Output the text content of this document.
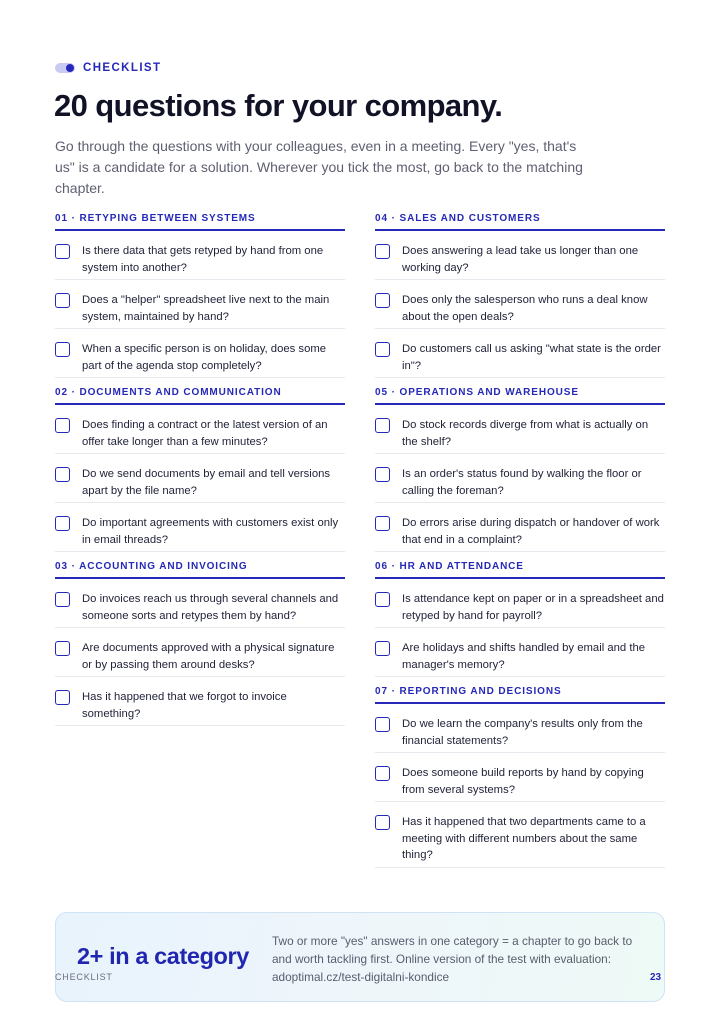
CHECKLIST
20 questions for your company.

Go through the questions with your colleagues, even in a meeting. Every "yes, that's us" is a candidate for a solution. Wherever you tick the most, go back to the matching chapter.

01 · RETYPING BETWEEN SYSTEMS
Is there data that gets retyped by hand from one system into another?
Does a "helper" spreadsheet live next to the main system, maintained by hand?
When a specific person is on holiday, does some part of the agenda stop completely?
02 · DOCUMENTS AND COMMUNICATION
Does finding a contract or the latest version of an offer take longer than a few minutes?
Do we send documents by email and tell versions apart by the file name?
Do important agreements with customers exist only in email threads?
03 · ACCOUNTING AND INVOICING
Do invoices reach us through several channels and someone sorts and retypes them by hand?
Are documents approved with a physical signature or by passing them around desks?
Has it happened that we forgot to invoice something?
04 · SALES AND CUSTOMERS
Does answering a lead take us longer than one working day?
Does only the salesperson who runs a deal know about the open deals?
Do customers call us asking "what state is the order in"?
05 · OPERATIONS AND WAREHOUSE
Do stock records diverge from what is actually on the shelf?
Is an order's status found by walking the floor or calling the foreman?
Do errors arise during dispatch or handover of work that end in a complaint?
06 · HR AND ATTENDANCE
Is attendance kept on paper or in a spreadsheet and retyped by hand for payroll?
Are holidays and shifts handled by email and the manager's memory?
07 · REPORTING AND DECISIONS
Do we learn the company's results only from the financial statements?
Does someone build reports by hand by copying from several systems?
Has it happened that two departments came to a meeting with different numbers about the same thing?
2+ in a category
Two or more "yes" answers in one category = a chapter to go back to and worth tackling first. Online version of the test with evaluation: adoptimal.cz/test-digitalni-kondice
CHECKLIST	23
